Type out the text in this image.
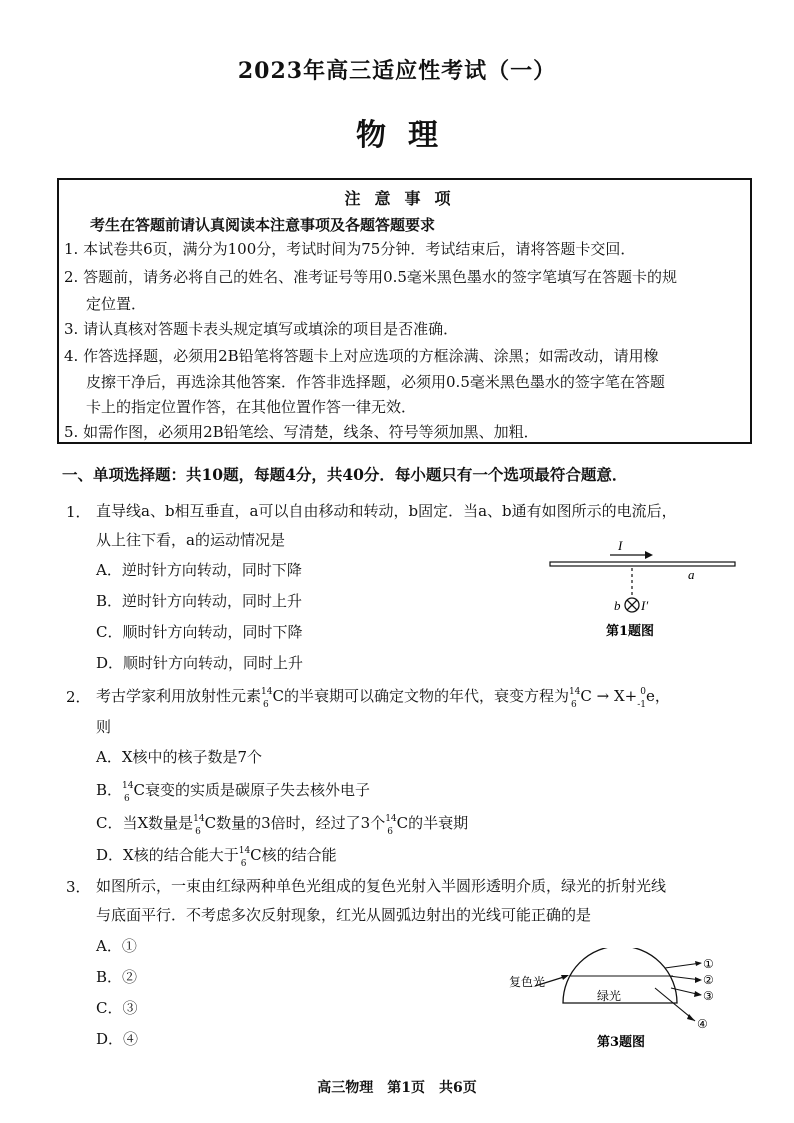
2023年高三适应性考试（一）
物理
注意事项
考生在答题前请认真阅读本注意事项及各题答题要求
1. 本试卷共6页，满分为100分，考试时间为75分钟．考试结束后，请将答题卡交回．
2. 答题前，请务必将自己的姓名、准考证号等用0.5毫米黑色墨水的签字笔填写在答题卡的规
定位置．
3. 请认真核对答题卡表头规定填写或填涂的项目是否准确．
4. 作答选择题，必须用2B铅笔将答题卡上对应选项的方框涂满、涂黑；如需改动，请用橡
皮擦干净后，再选涂其他答案．作答非选择题，必须用0.5毫米黑色墨水的签字笔在答题
卡上的指定位置作答，在其他位置作答一律无效．
5. 如需作图，必须用2B铅笔绘、写清楚，线条、符号等须加黑、加粗．
一、单项选择题：共10题，每题4分，共40分．每小题只有一个选项最符合题意．
1． 直导线a、b相互垂直，a可以自由移动和转动，b固定．当a、b通有如图所示的电流后，
从上往下看，a的运动情况是
A．逆时针方向转动，同时下降
B．逆时针方向转动，同时上升
C．顺时针方向转动，同时下降
D．顺时针方向转动，同时上升
I
a
b I′
第1题图
2． 考古学家利用放射性元素 14
6 C的半衰期可以确定文物的年代，衰变方程为 14
6 C → X+ 0
-1 e，
则
A．X核中的核子数是7个
B． 14
6 C衰变的实质是碳原子失去核外电子
C．当X数量是 14
6 C数量的3倍时，经过了3个 14
6 C的半衰期
D．X核的结合能大于 14
6 C核的结合能
3． 如图所示，一束由红绿两种单色光组成的复色光射入半圆形透明介质，绿光的折射光线
与底面平行．不考虑多次反射现象，红光从圆弧边射出的光线可能正确的是
A．①
B．②
C．③
D．④
复色光
绿光
①
②
③
④
第3题图
高三物理　第1页　共6页
